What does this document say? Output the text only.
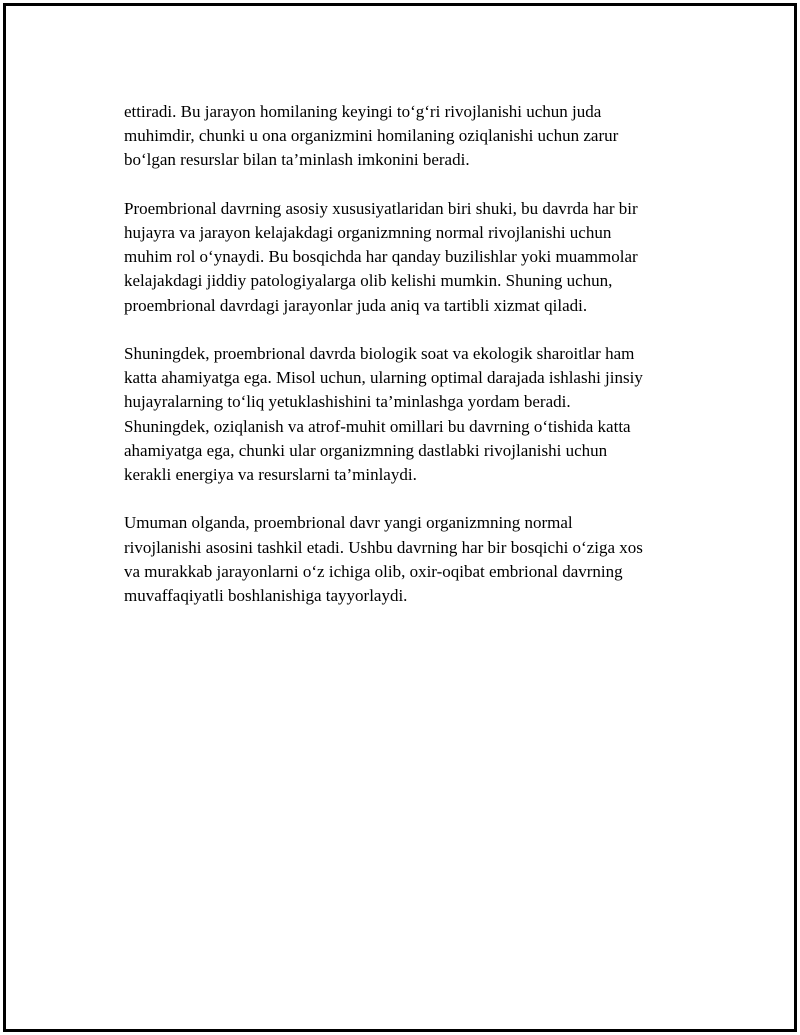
ettiradi. Bu jarayon homilaning keyingi to‘g‘ri rivojlanishi uchun juda
muhimdir, chunki u ona organizmini homilaning oziqlanishi uchun zarur
bo‘lgan resurslar bilan ta’minlash imkonini beradi.

Proembrional davrning asosiy xususiyatlaridan biri shuki, bu davrda har bir
hujayra va jarayon kelajakdagi organizmning normal rivojlanishi uchun
muhim rol o‘ynaydi. Bu bosqichda har qanday buzilishlar yoki muammolar
kelajakdagi jiddiy patologiyalarga olib kelishi mumkin. Shuning uchun,
proembrional davrdagi jarayonlar juda aniq va tartibli xizmat qiladi.

Shuningdek, proembrional davrda biologik soat va ekologik sharoitlar ham
katta ahamiyatga ega. Misol uchun, ularning optimal darajada ishlashi jinsiy
hujayralarning to‘liq yetuklashishini ta’minlashga yordam beradi.
Shuningdek, oziqlanish va atrof-muhit omillari bu davrning o‘tishida katta
ahamiyatga ega, chunki ular organizmning dastlabki rivojlanishi uchun
kerakli energiya va resurslarni ta’minlaydi.

Umuman olganda, proembrional davr yangi organizmning normal
rivojlanishi asosini tashkil etadi. Ushbu davrning har bir bosqichi o‘ziga xos
va murakkab jarayonlarni o‘z ichiga olib, oxir-oqibat embrional davrning
muvaffaqiyatli boshlanishiga tayyorlaydi.
